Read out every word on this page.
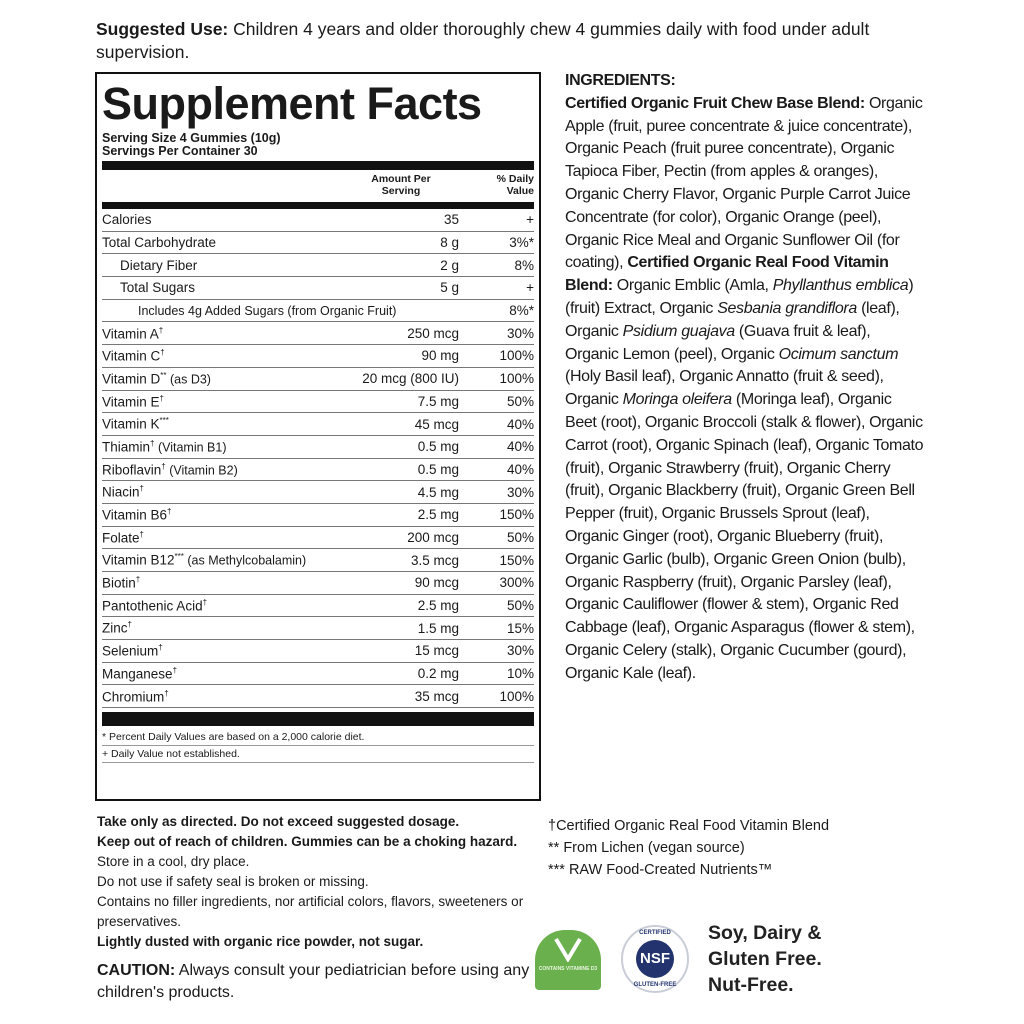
Suggested Use: Children 4 years and older thoroughly chew 4 gummies daily with food under adult supervision.
Supplement Facts
Serving Size 4 Gummies (10g)
Servings Per Container 30
Amount Per Serving
% Daily Value
Calories	35	+
Total Carbohydrate	8 g	3%*
Dietary Fiber	2 g	8%
Total Sugars	5 g	+
Includes 4g Added Sugars (from Organic Fruit)	8%*
Vitamin A†	250 mcg	30%
Vitamin C†	90 mg	100%
Vitamin D** (as D3)	20 mcg (800 IU)	100%
Vitamin E†	7.5 mg	50%
Vitamin K***	45 mcg	40%
Thiamin† (Vitamin B1)	0.5 mg	40%
Riboflavin† (Vitamin B2)	0.5 mg	40%
Niacin†	4.5 mg	30%
Vitamin B6†	2.5 mg	150%
Folate†	200 mcg	50%
Vitamin B12*** (as Methylcobalamin)	3.5 mcg	150%
Biotin†	90 mcg	300%
Pantothenic Acid†	2.5 mg	50%
Zinc†	1.5 mg	15%
Selenium†	15 mcg	30%
Manganese†	0.2 mg	10%
Chromium†	35 mcg	100%
* Percent Daily Values are based on a 2,000 calorie diet.
+ Daily Value not established.
Take only as directed. Do not exceed suggested dosage.
Keep out of reach of children. Gummies can be a choking hazard.
Store in a cool, dry place.
Do not use if safety seal is broken or missing.
Contains no filler ingredients, nor artificial colors, flavors, sweeteners or preservatives.
Lightly dusted with organic rice powder, not sugar.
CAUTION: Always consult your pediatrician before using any children's products.
INGREDIENTS:
Certified Organic Fruit Chew Base Blend: Organic Apple (fruit, puree concentrate & juice concentrate), Organic Peach (fruit puree concentrate), Organic Tapioca Fiber, Pectin (from apples & oranges), Organic Cherry Flavor, Organic Purple Carrot Juice Concentrate (for color), Organic Orange (peel), Organic Rice Meal and Organic Sunflower Oil (for coating), Certified Organic Real Food Vitamin Blend: Organic Emblic (Amla, Phyllanthus emblica) (fruit) Extract, Organic Sesbania grandiflora (leaf), Organic Psidium guajava (Guava fruit & leaf), Organic Lemon (peel), Organic Ocimum sanctum (Holy Basil leaf), Organic Annatto (fruit & seed), Organic Moringa oleifera (Moringa leaf), Organic Beet (root), Organic Broccoli (stalk & flower), Organic Carrot (root), Organic Spinach (leaf), Organic Tomato (fruit), Organic Strawberry (fruit), Organic Cherry (fruit), Organic Blackberry (fruit), Organic Green Bell Pepper (fruit), Organic Brussels Sprout (leaf), Organic Ginger (root), Organic Blueberry (fruit), Organic Garlic (bulb), Organic Green Onion (bulb), Organic Raspberry (fruit), Organic Parsley (leaf), Organic Cauliflower (flower & stem), Organic Red Cabbage (leaf), Organic Asparagus (flower & stem), Organic Celery (stalk), Organic Cucumber (gourd), Organic Kale (leaf).
†Certified Organic Real Food Vitamin Blend
** From Lichen (vegan source)
*** RAW Food-Created Nutrients™
CONTAINS VITAMINE D3
CERTIFIED
NSF
GLUTEN-FREE
Soy, Dairy &
Gluten Free.
Nut-Free.
